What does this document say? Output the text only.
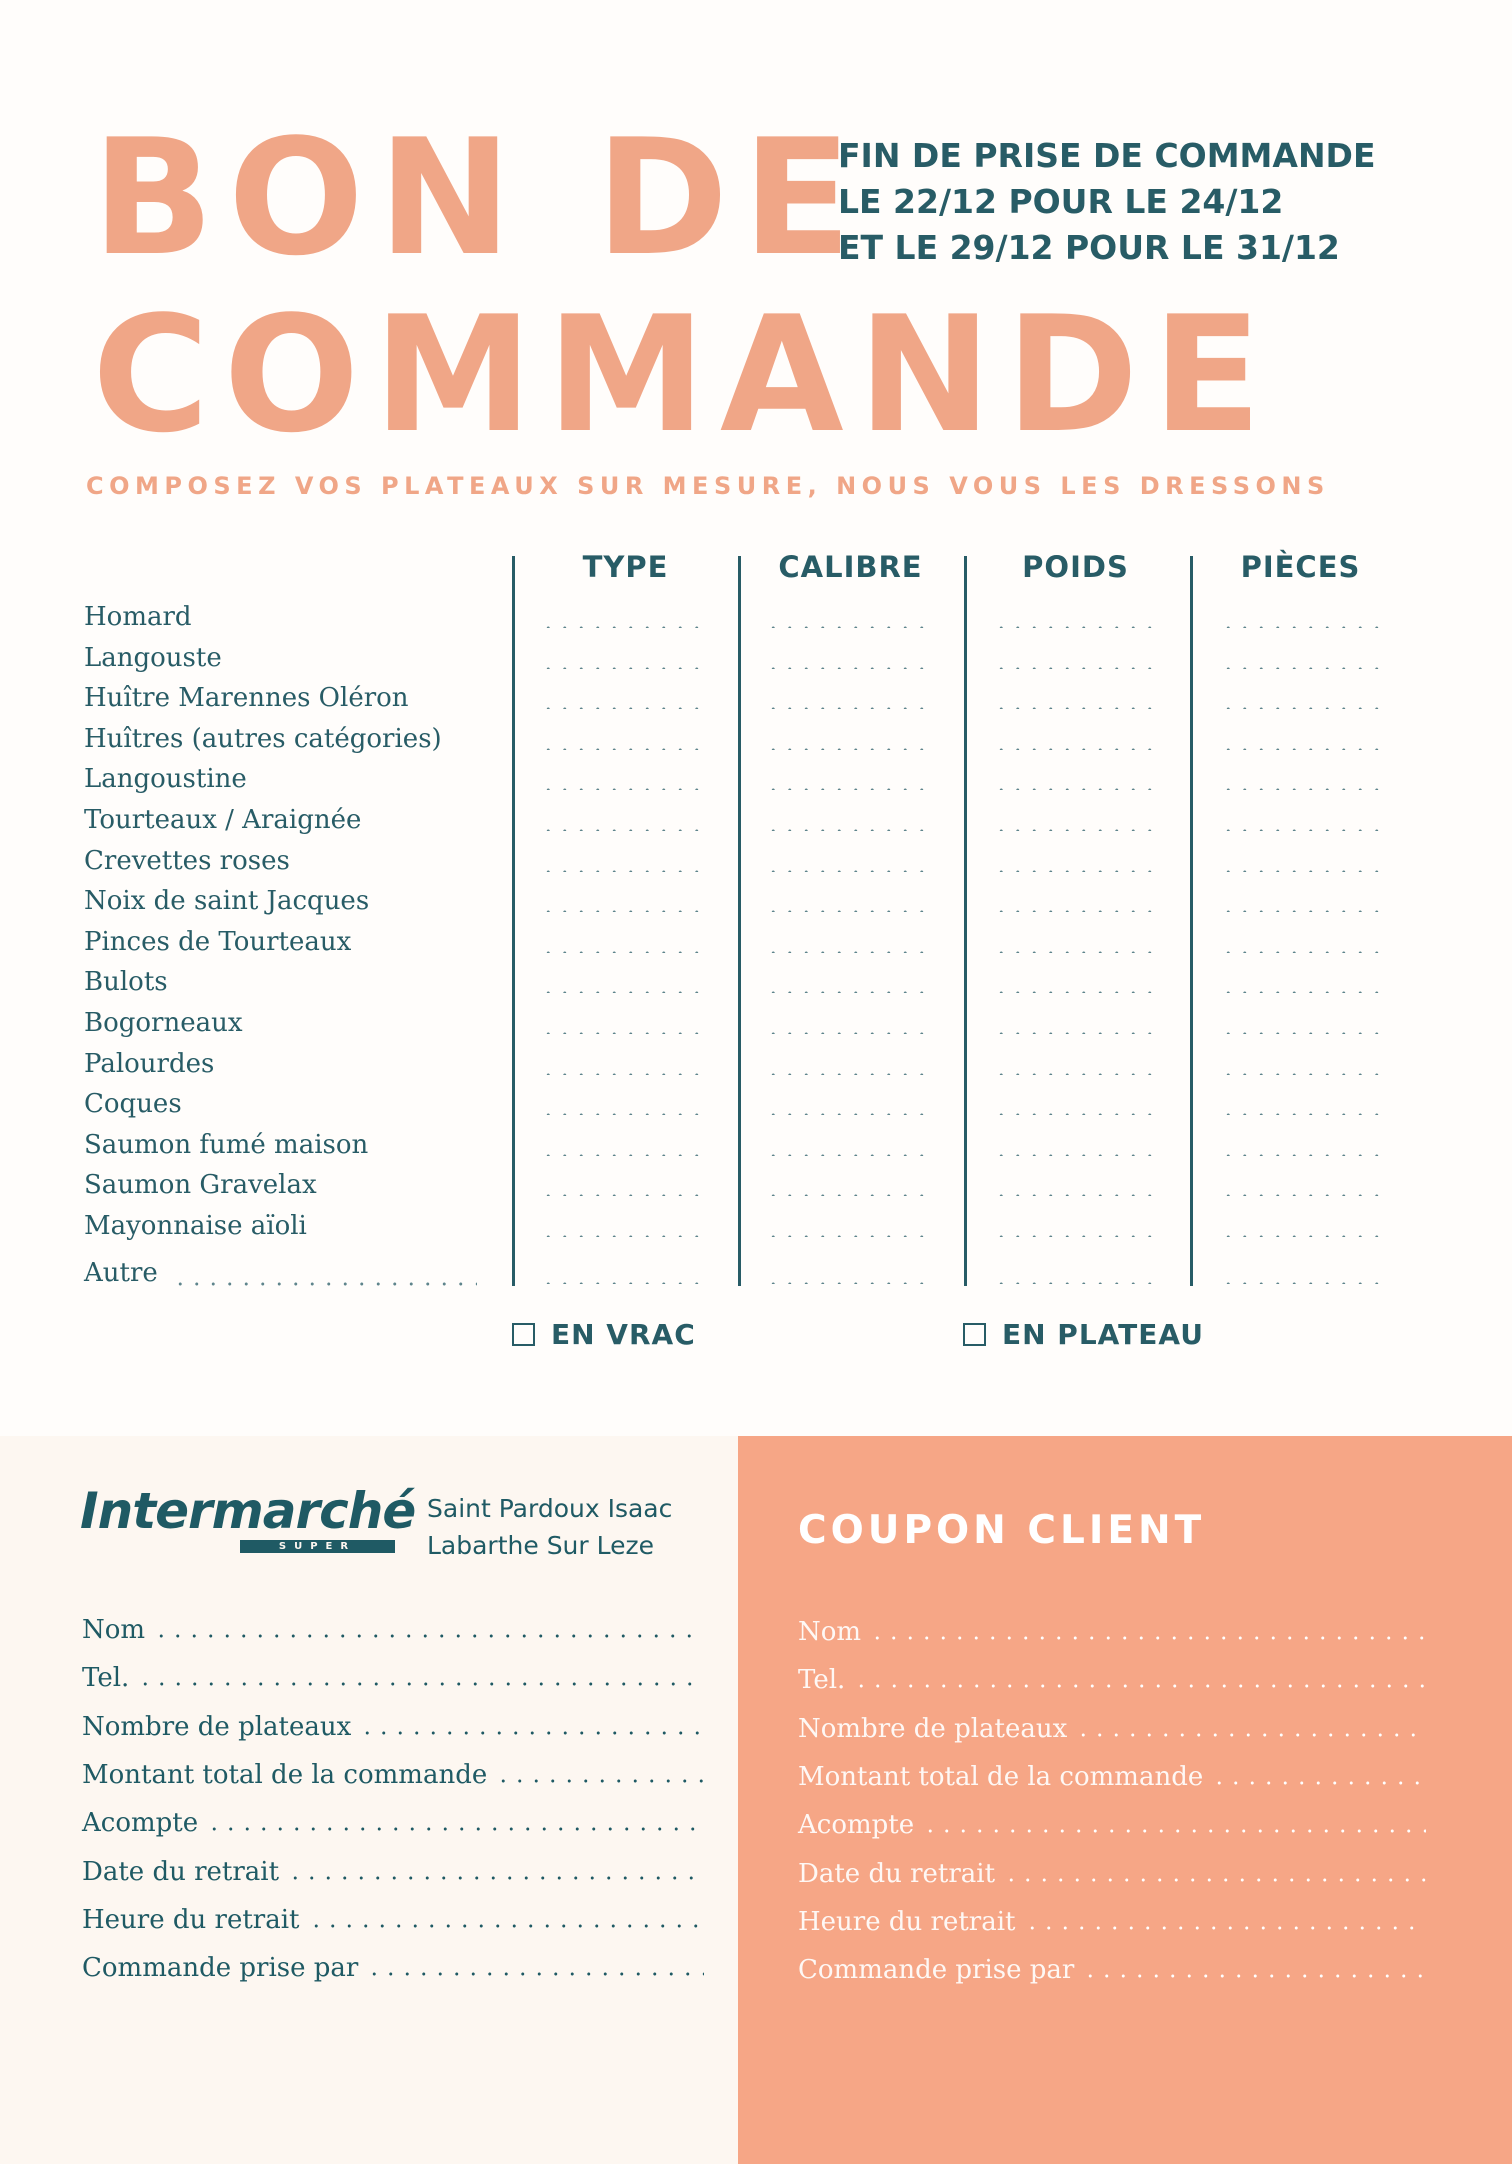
BON DE
COMMANDE
FIN DE PRISE DE COMMANDE
LE 22/12 POUR LE 24/12
ET LE 29/12 POUR LE 31/12
COMPOSEZ VOS PLATEAUX SUR MESURE, NOUS VOUS LES DRESSONS
TYPE	CALIBRE	POIDS	PIÈCES
Homard
Langouste
Huître Marennes Oléron
Huîtres (autres catégories)
Langoustine
Tourteaux / Araignée
Crevettes roses
Noix de saint Jacques
Pinces de Tourteaux
Bulots
Bogorneaux
Palourdes
Coques
Saumon fumé maison
Saumon Gravelax
Mayonnaise aïoli
Autre
EN VRAC	EN PLATEAU
Intermarché
SUPER
Saint Pardoux Isaac
Labarthe Sur Leze	COUPON CLIENT
Nom
Tel.
Nombre de plateaux
Montant total de la commande
Acompte
Date du retrait
Heure du retrait
Commande prise par
Nom
Tel.
Nombre de plateaux
Montant total de la commande
Acompte
Date du retrait
Heure du retrait
Commande prise par
